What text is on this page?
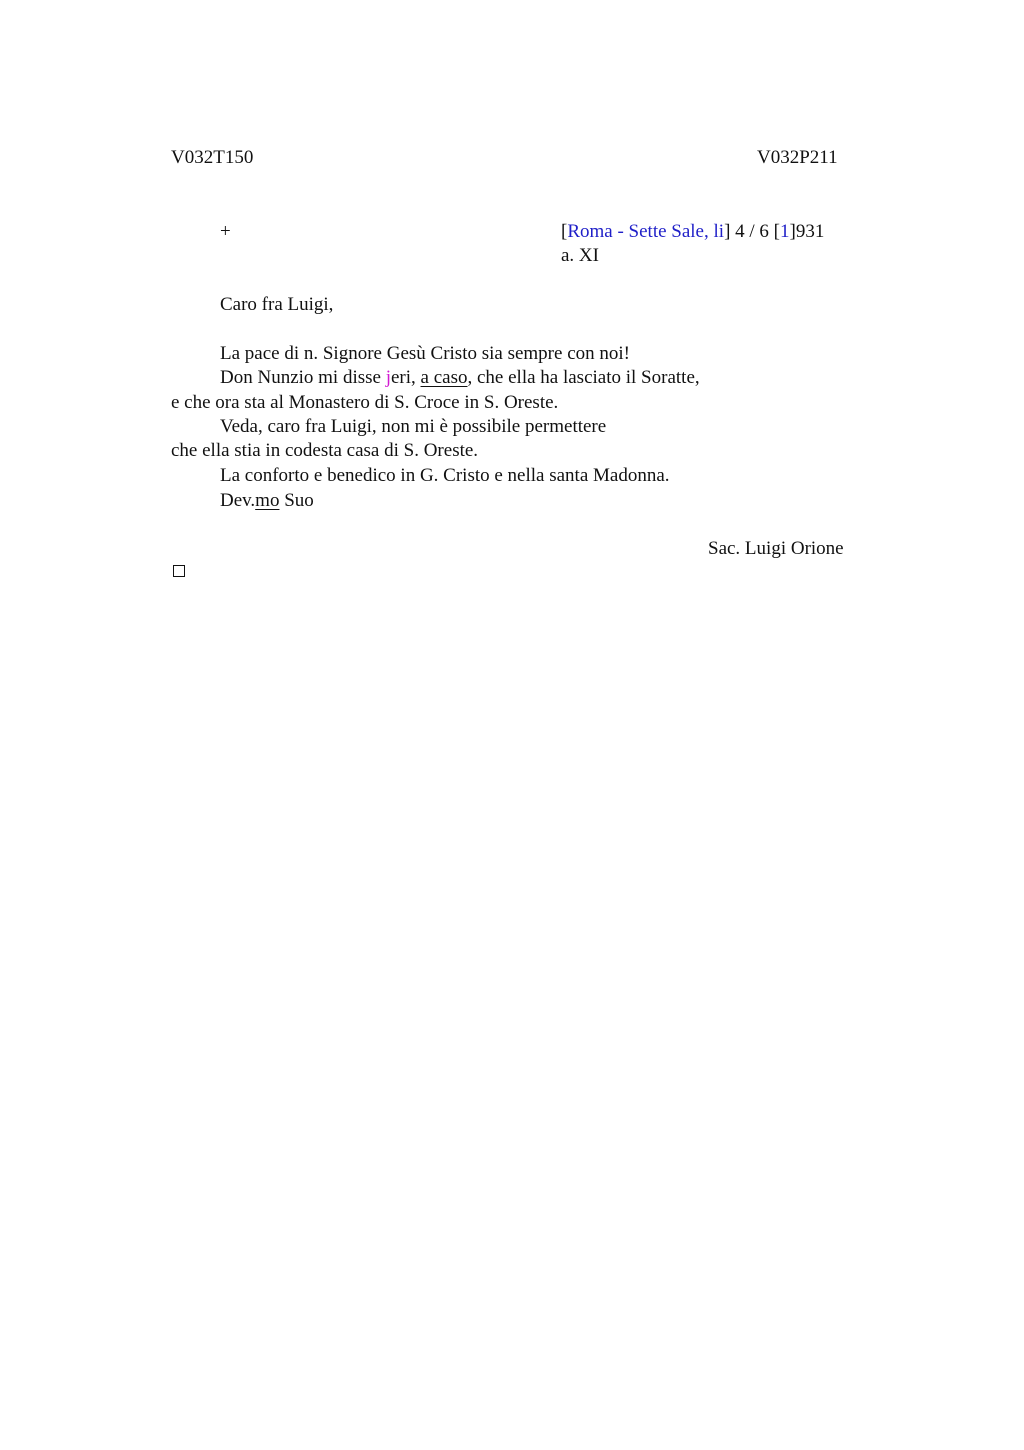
V032T150	V032P211
+	[Roma - Sette Sale, li] 4 / 6 [1]931
a. XI
Caro fra Luigi,
La pace di n. Signore Gesù Cristo sia sempre con noi!
Don Nunzio mi disse jeri, a caso, che ella ha lasciato il Soratte,
e che ora sta al Monastero di S. Croce in S. Oreste.
Veda, caro fra Luigi, non mi è possibile permettere
che ella stia in codesta casa di S. Oreste.
La conforto e benedico in G. Cristo e nella santa Madonna.
Dev.mo Suo
Sac. Luigi Orione
